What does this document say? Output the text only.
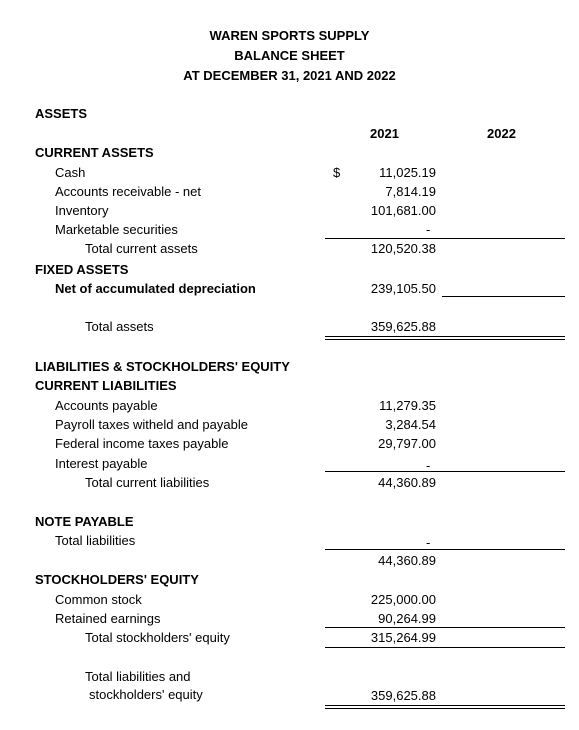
WAREN SPORTS SUPPLY
BALANCE SHEET
AT DECEMBER 31, 2021 AND 2022
ASSETS
2021	2022
CURRENT ASSETS
Cash	$	11,025.19
Accounts receivable - net	7,814.19
Inventory	101,681.00
Marketable securities	-
Total current assets	120,520.38
FIXED ASSETS
Net of accumulated depreciation	239,105.50
Total assets	359,625.88
LIABILITIES & STOCKHOLDERS' EQUITY
CURRENT LIABILITIES
Accounts payable	11,279.35
Payroll taxes witheld and payable	3,284.54
Federal income taxes payable	29,797.00
Interest payable	-
Total current liabilities	44,360.89
NOTE PAYABLE
Total liabilities	-
44,360.89
STOCKHOLDERS' EQUITY
Common stock	225,000.00
Retained earnings	90,264.99
Total stockholders' equity	315,264.99
Total liabilities and
stockholders' equity	359,625.88
